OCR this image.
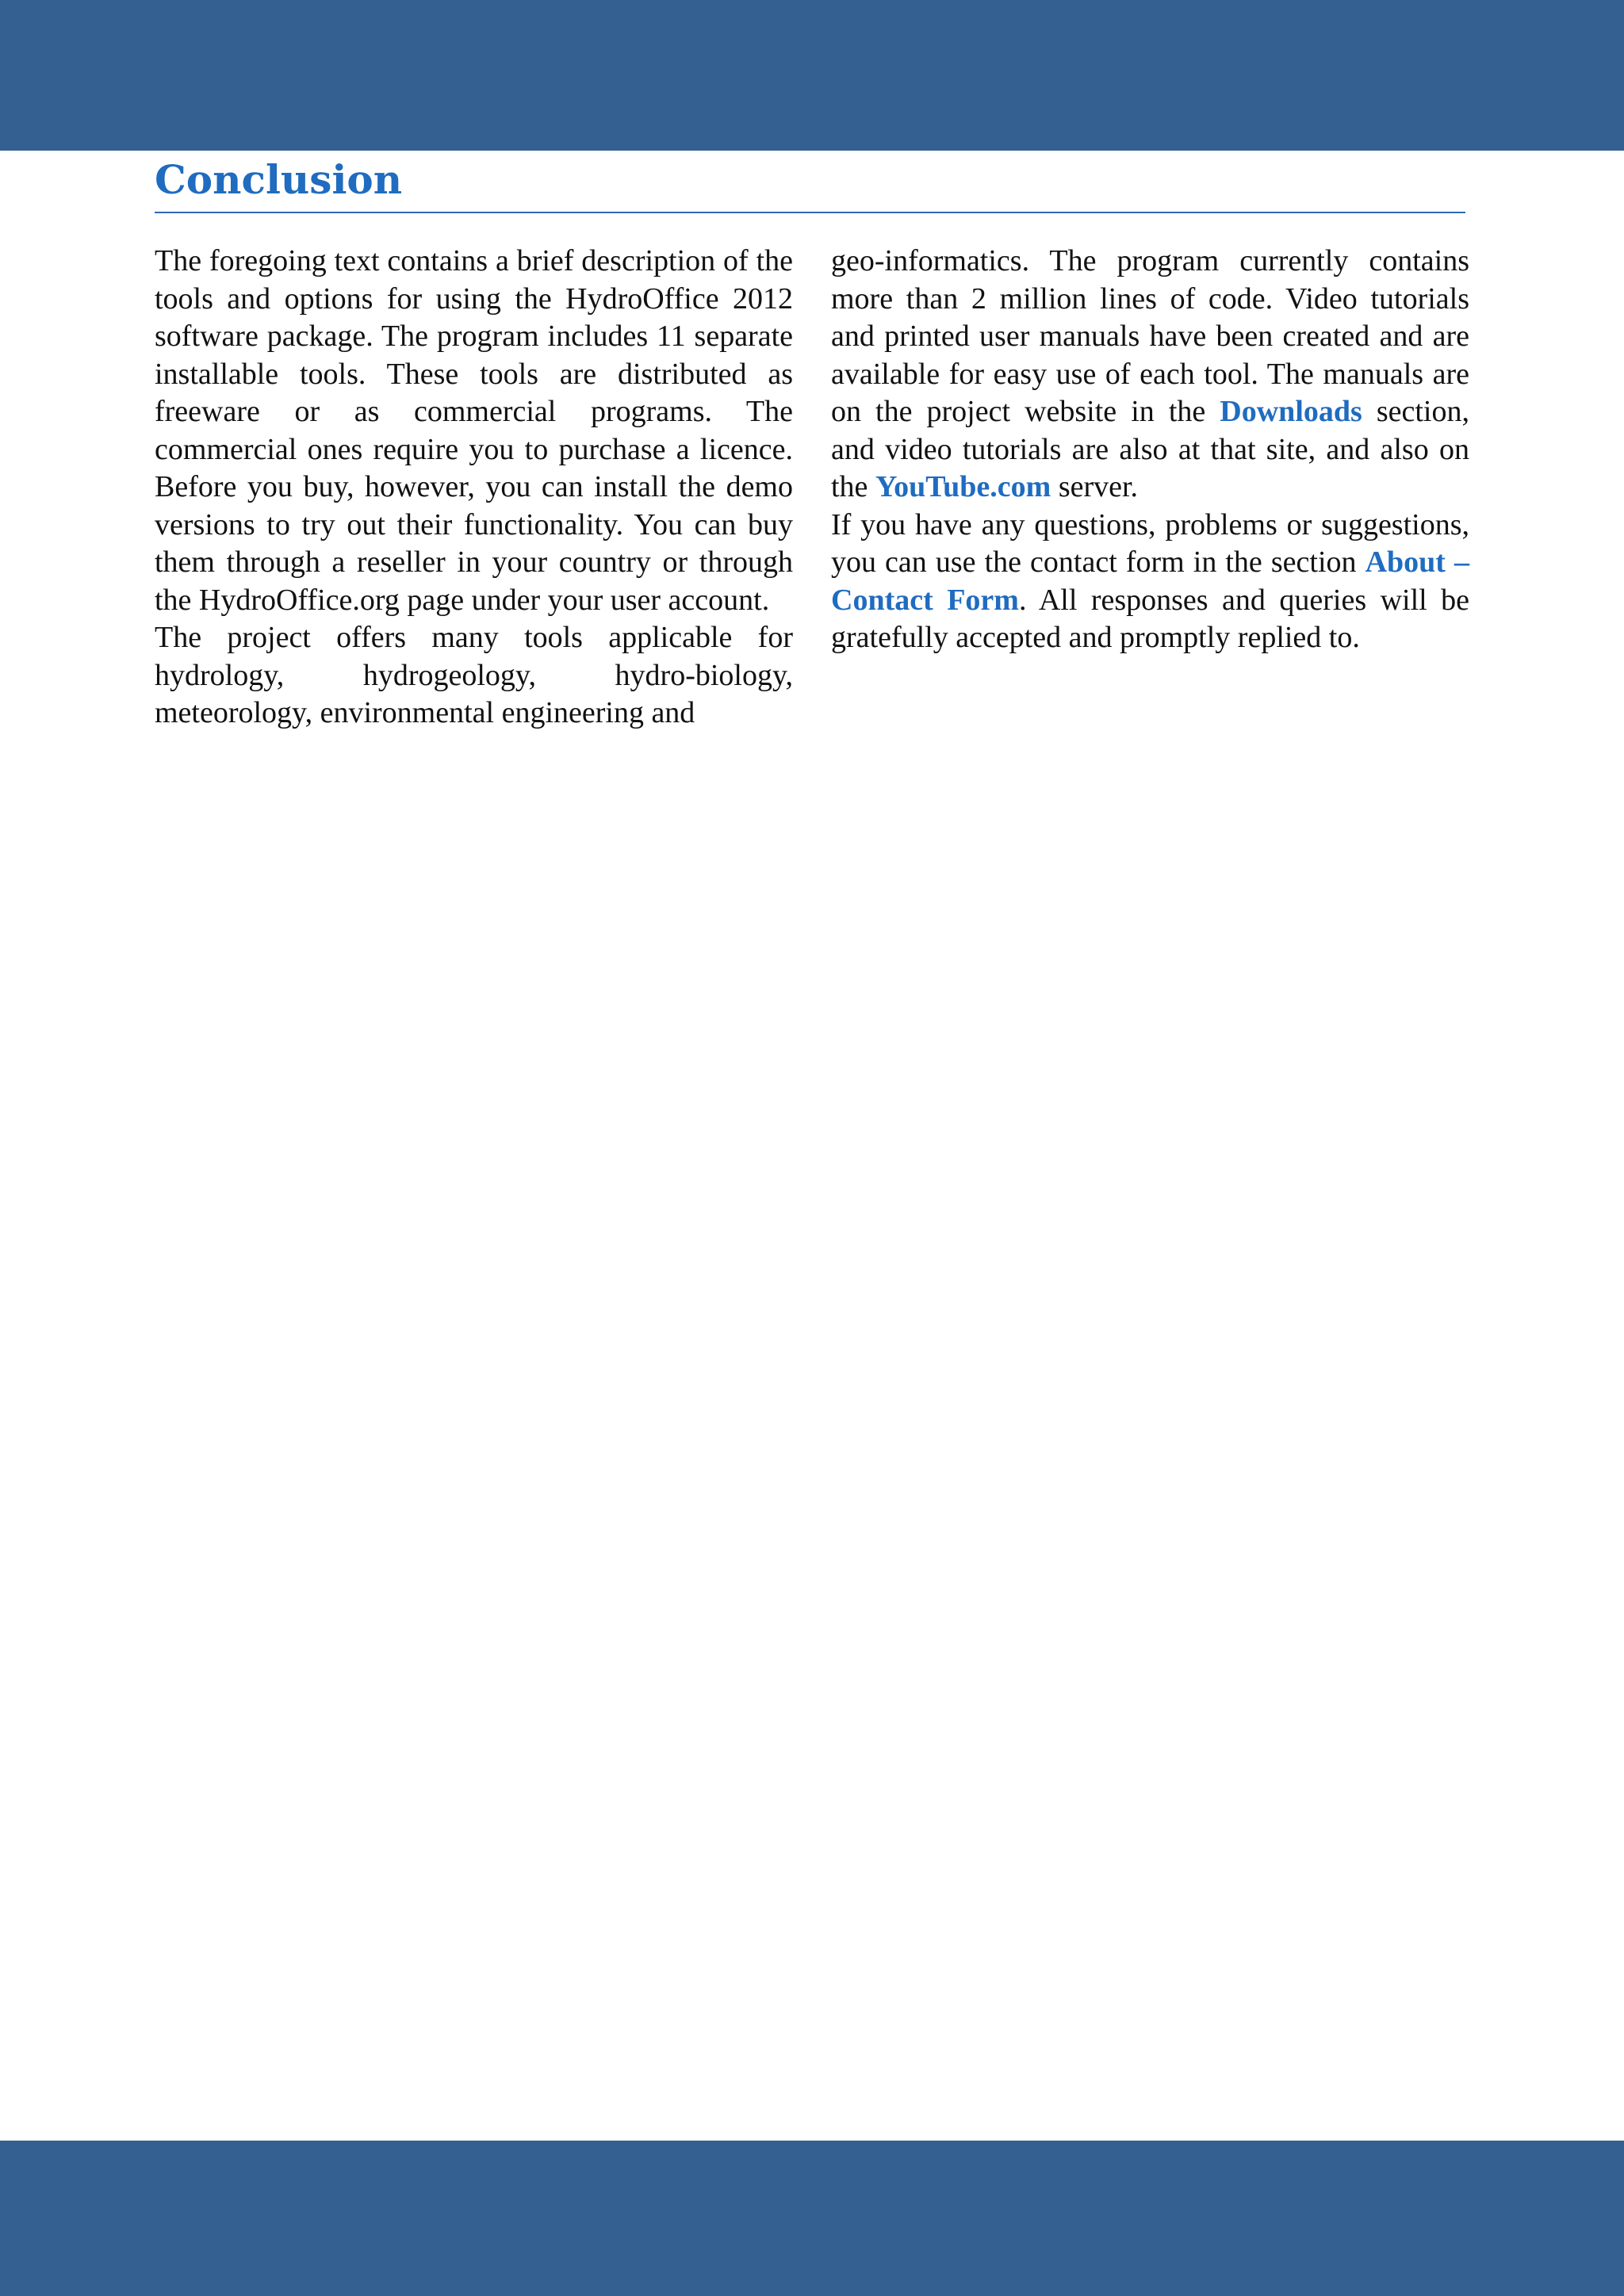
Conclusion

The foregoing text contains a brief description of the tools and options for using the HydroOffice 2012 software package. The program includes 11 separate installable tools. These tools are distributed as freeware or as commercial programs. The commercial ones require you to purchase a licence. Before you buy, however, you can install the demo versions to try out their functionality. You can buy them through a reseller in your country or through the HydroOffice.org page under your user account.

The project offers many tools applicable for hydrology, hydrogeology, hydro-biology, meteorology, environmental engineering and

geo-informatics. The program currently contains more than 2 million lines of code. Video tutorials and printed user manuals have been created and are available for easy use of each tool. The manuals are on the project website in the Downloads section, and video tutorials are also at that site, and also on the YouTube.com server.

If you have any questions, problems or suggestions, you can use the contact form in the section About – Contact Form. All responses and queries will be gratefully accepted and promptly replied to.
